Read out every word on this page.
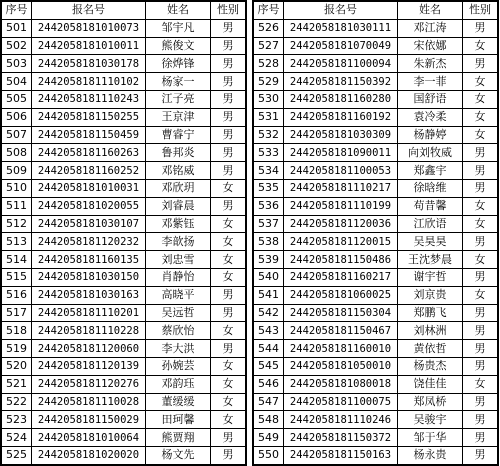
序号	报名号	姓名	性别
501	2442058181010073	邹宇凡	男
502	2442058181010011	熊俊文	男
503	2442058181030178	徐烨锋	男
504	2442058181110102	杨家一	男
505	2442058181110243	江子亮	男
506	2442058181150255	王京津	男
507	2442058181150459	曹睿宁	男
508	2442058181160263	鲁邦炎	男
509	2442058181160252	邓铭威	男
510	2442058181010031	邓欣玥	女
511	2442058181020055	刘睿晨	男
512	2442058181030107	邓紫钰	女
513	2442058181120232	李歆扬	女
514	2442058181160135	刘忠雪	女
515	2442058181030150	肖静怡	女
516	2442058181030163	高晓平	男
517	2442058181110201	吴远哲	男
518	2442058181110228	蔡欣怡	女
519	2442058181120060	李大洪	男
520	2442058181120139	孙婉芸	女
521	2442058181120276	邓韵珏	女
522	2442058181110028	董缓缓	女
523	2442058181150029	田珂馨	女
524	2442058181010064	熊贾翔	男
525	2442058181020020	杨文先	男
序号	报名号	姓名	性别
526	2442058181030111	邓江涛	男
527	2442058181070049	宋依娜	女
528	2442058181100094	朱新杰	男
529	2442058181150392	李一菲	女
530	2442058181160280	国舒语	女
531	2442058181160192	袁冷柔	女
532	2442058181030309	杨静婷	女
533	2442058181090011	向刘牧威	男
534	2442058181100053	郑鑫宇	男
535	2442058181110217	徐晗维	男
536	2442058181110199	苟昔馨	女
537	2442058181120036	江欣语	女
538	2442058181120015	吴昊昊	男
539	2442058181150486	王沈梦晨	女
540	2442058181160217	谢宇哲	男
541	2442058181060025	刘京贵	女
542	2442058181150304	郑鹏飞	男
543	2442058181150467	刘林洲	男
544	2442058181160010	黄依哲	男
545	2442058181050010	杨贵杰	男
546	2442058181080018	饶佳佳	女
547	2442058181100075	郑凤桥	男
548	2442058181110246	吴骏宇	男
549	2442058181150372	邹于华	男
550	2442058181150163	杨永贵	男
